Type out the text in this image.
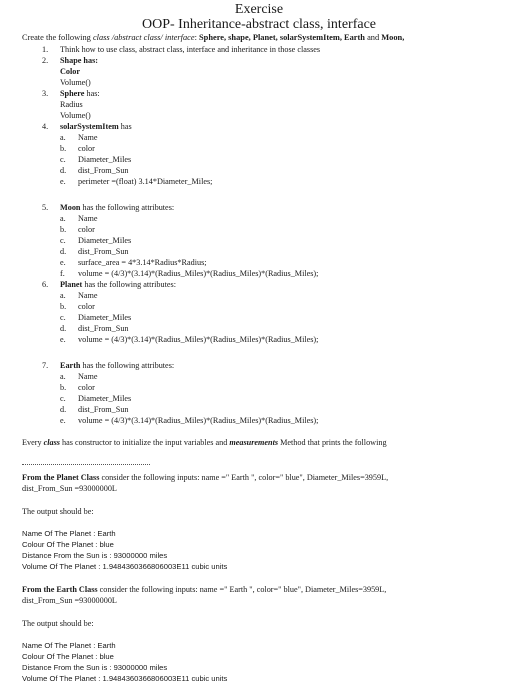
Exercise
OOP- Inheritance-abstract class, interface
Create the following class /abstract class/ interface: Sphere, shape, Planet, solarSystemItem, Earth and Moon,
1. Think how to use class, abstract class, interface and inheritance in those classes
2. Shape has:
Color
Volume()
3. Sphere has:
Radius
Volume()
4. solarSystemItem has
a. Name
b. color
c. Diameter_Miles
d. dist_From_Sun
e. perimeter =(float) 3.14*Diameter_Miles;
5. Moon has the following attributes:
a. Name
b. color
c. Diameter_Miles
d. dist_From_Sun
e. surface_area = 4*3.14*Radius*Radius;
f. volume = (4/3)*(3.14)*(Radius_Miles)*(Radius_Miles)*(Radius_Miles);
6. Planet has the following attributes:
a. Name
b. color
c. Diameter_Miles
d. dist_From_Sun
e. volume = (4/3)*(3.14)*(Radius_Miles)*(Radius_Miles)*(Radius_Miles);
7. Earth has the following attributes:
a. Name
b. color
c. Diameter_Miles
d. dist_From_Sun
e. volume = (4/3)*(3.14)*(Radius_Miles)*(Radius_Miles)*(Radius_Miles);
Every class has constructor to initialize the input variables and measurements Method that prints the following
From the Planet Class consider the following inputs: name =" Earth ", color=" blue", Diameter_Miles=3959L,
dist_From_Sun =93000000L
The output should be:
Name Of The Planet : Earth
Colour Of The Planet : blue
Distance From the Sun is : 93000000 miles
Volume Of The Planet : 1.9484360366806003E11 cubic units
From the Earth Class consider the following inputs: name =" Earth ", color=" blue", Diameter_Miles=3959L,
dist_From_Sun =93000000L
The output should be:
Name Of The Planet : Earth
Colour Of The Planet : blue
Distance From the Sun is : 93000000 miles
Volume Of The Planet : 1.9484360366806003E11 cubic units
